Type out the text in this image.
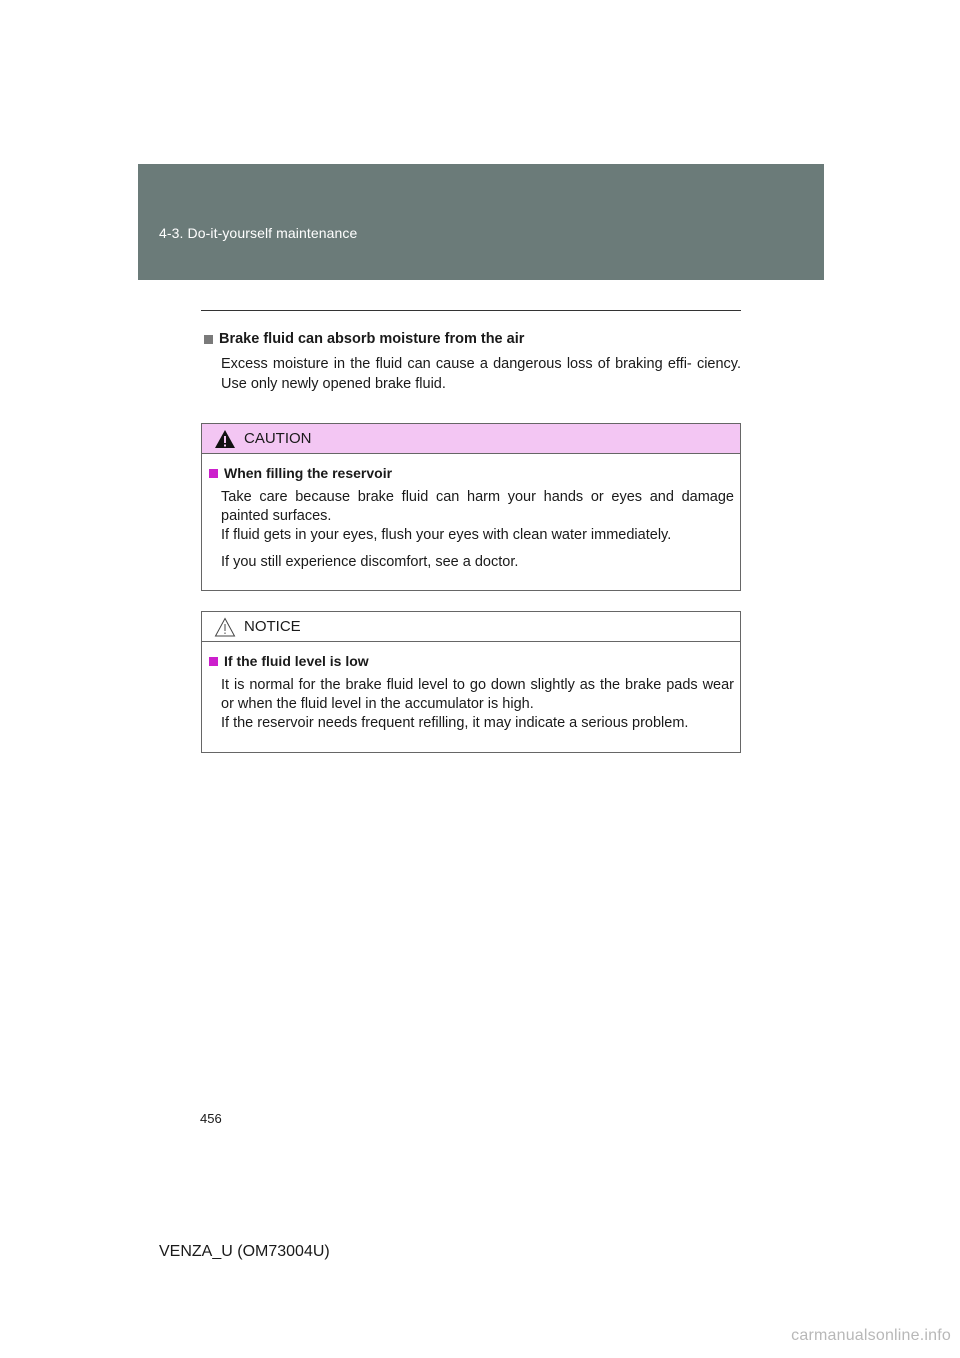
4-3. Do-it-yourself maintenance
Brake fluid can absorb moisture from the air
Excess moisture in the fluid can cause a dangerous loss of braking effi- ciency. Use only newly opened brake fluid.
CAUTION
When filling the reservoir
Take care because brake fluid can harm your hands or eyes and damage painted surfaces.
If fluid gets in your eyes, flush your eyes with clean water immediately.
If you still experience discomfort, see a doctor.
NOTICE
If the fluid level is low
It is normal for the brake fluid level to go down slightly as the brake pads wear or when the fluid level in the accumulator is high.
If the reservoir needs frequent refilling, it may indicate a serious problem.
456
VENZA_U (OM73004U)
carmanualsonline.info
